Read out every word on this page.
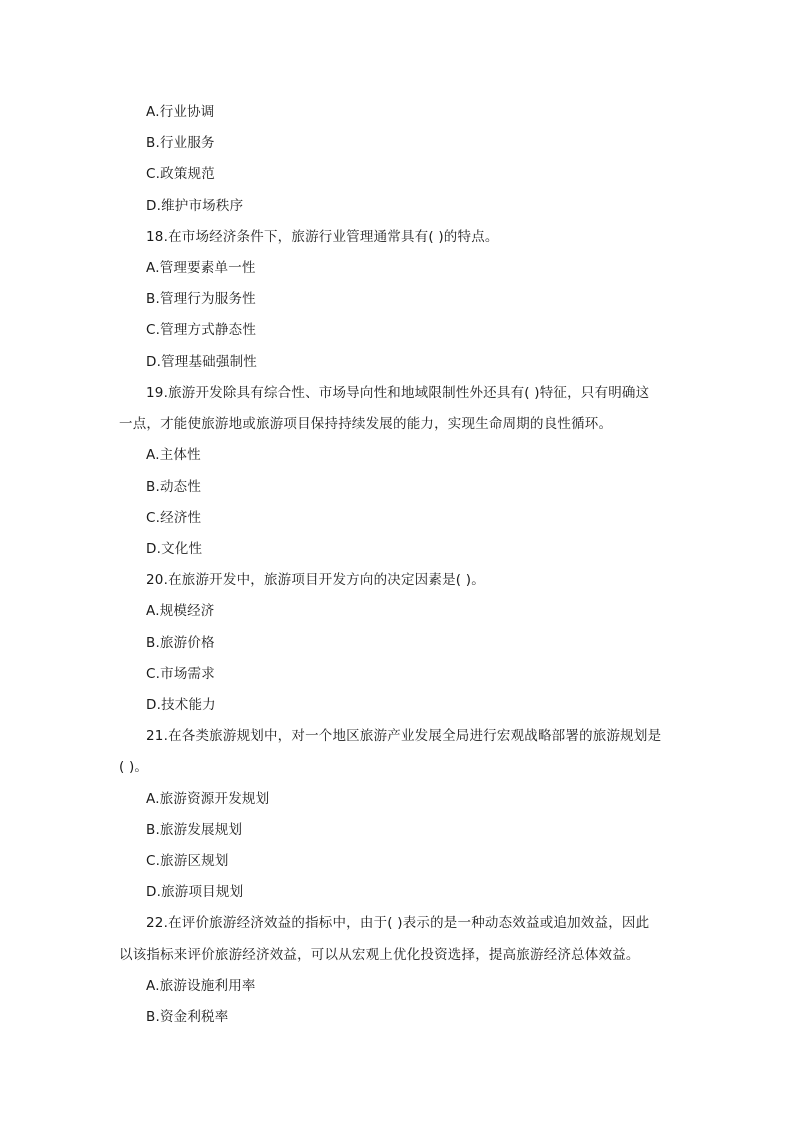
A.行业协调
B.行业服务
C.政策规范
D.维护市场秩序
18.在市场经济条件下，旅游行业管理通常具有( )的特点。
A.管理要素单一性
B.管理行为服务性
C.管理方式静态性
D.管理基础强制性
19.旅游开发除具有综合性、市场导向性和地域限制性外还具有( )特征，只有明确这
一点，才能使旅游地或旅游项目保持持续发展的能力，实现生命周期的良性循环。
A.主体性
B.动态性
C.经济性
D.文化性
20.在旅游开发中，旅游项目开发方向的决定因素是( )。
A.规模经济
B.旅游价格
C.市场需求
D.技术能力
21.在各类旅游规划中，对一个地区旅游产业发展全局进行宏观战略部署的旅游规划是
( )。
A.旅游资源开发规划
B.旅游发展规划
C.旅游区规划
D.旅游项目规划
22.在评价旅游经济效益的指标中，由于( )表示的是一种动态效益或追加效益，因此
以该指标来评价旅游经济效益，可以从宏观上优化投资选择，提高旅游经济总体效益。
A.旅游设施利用率
B.资金利税率
